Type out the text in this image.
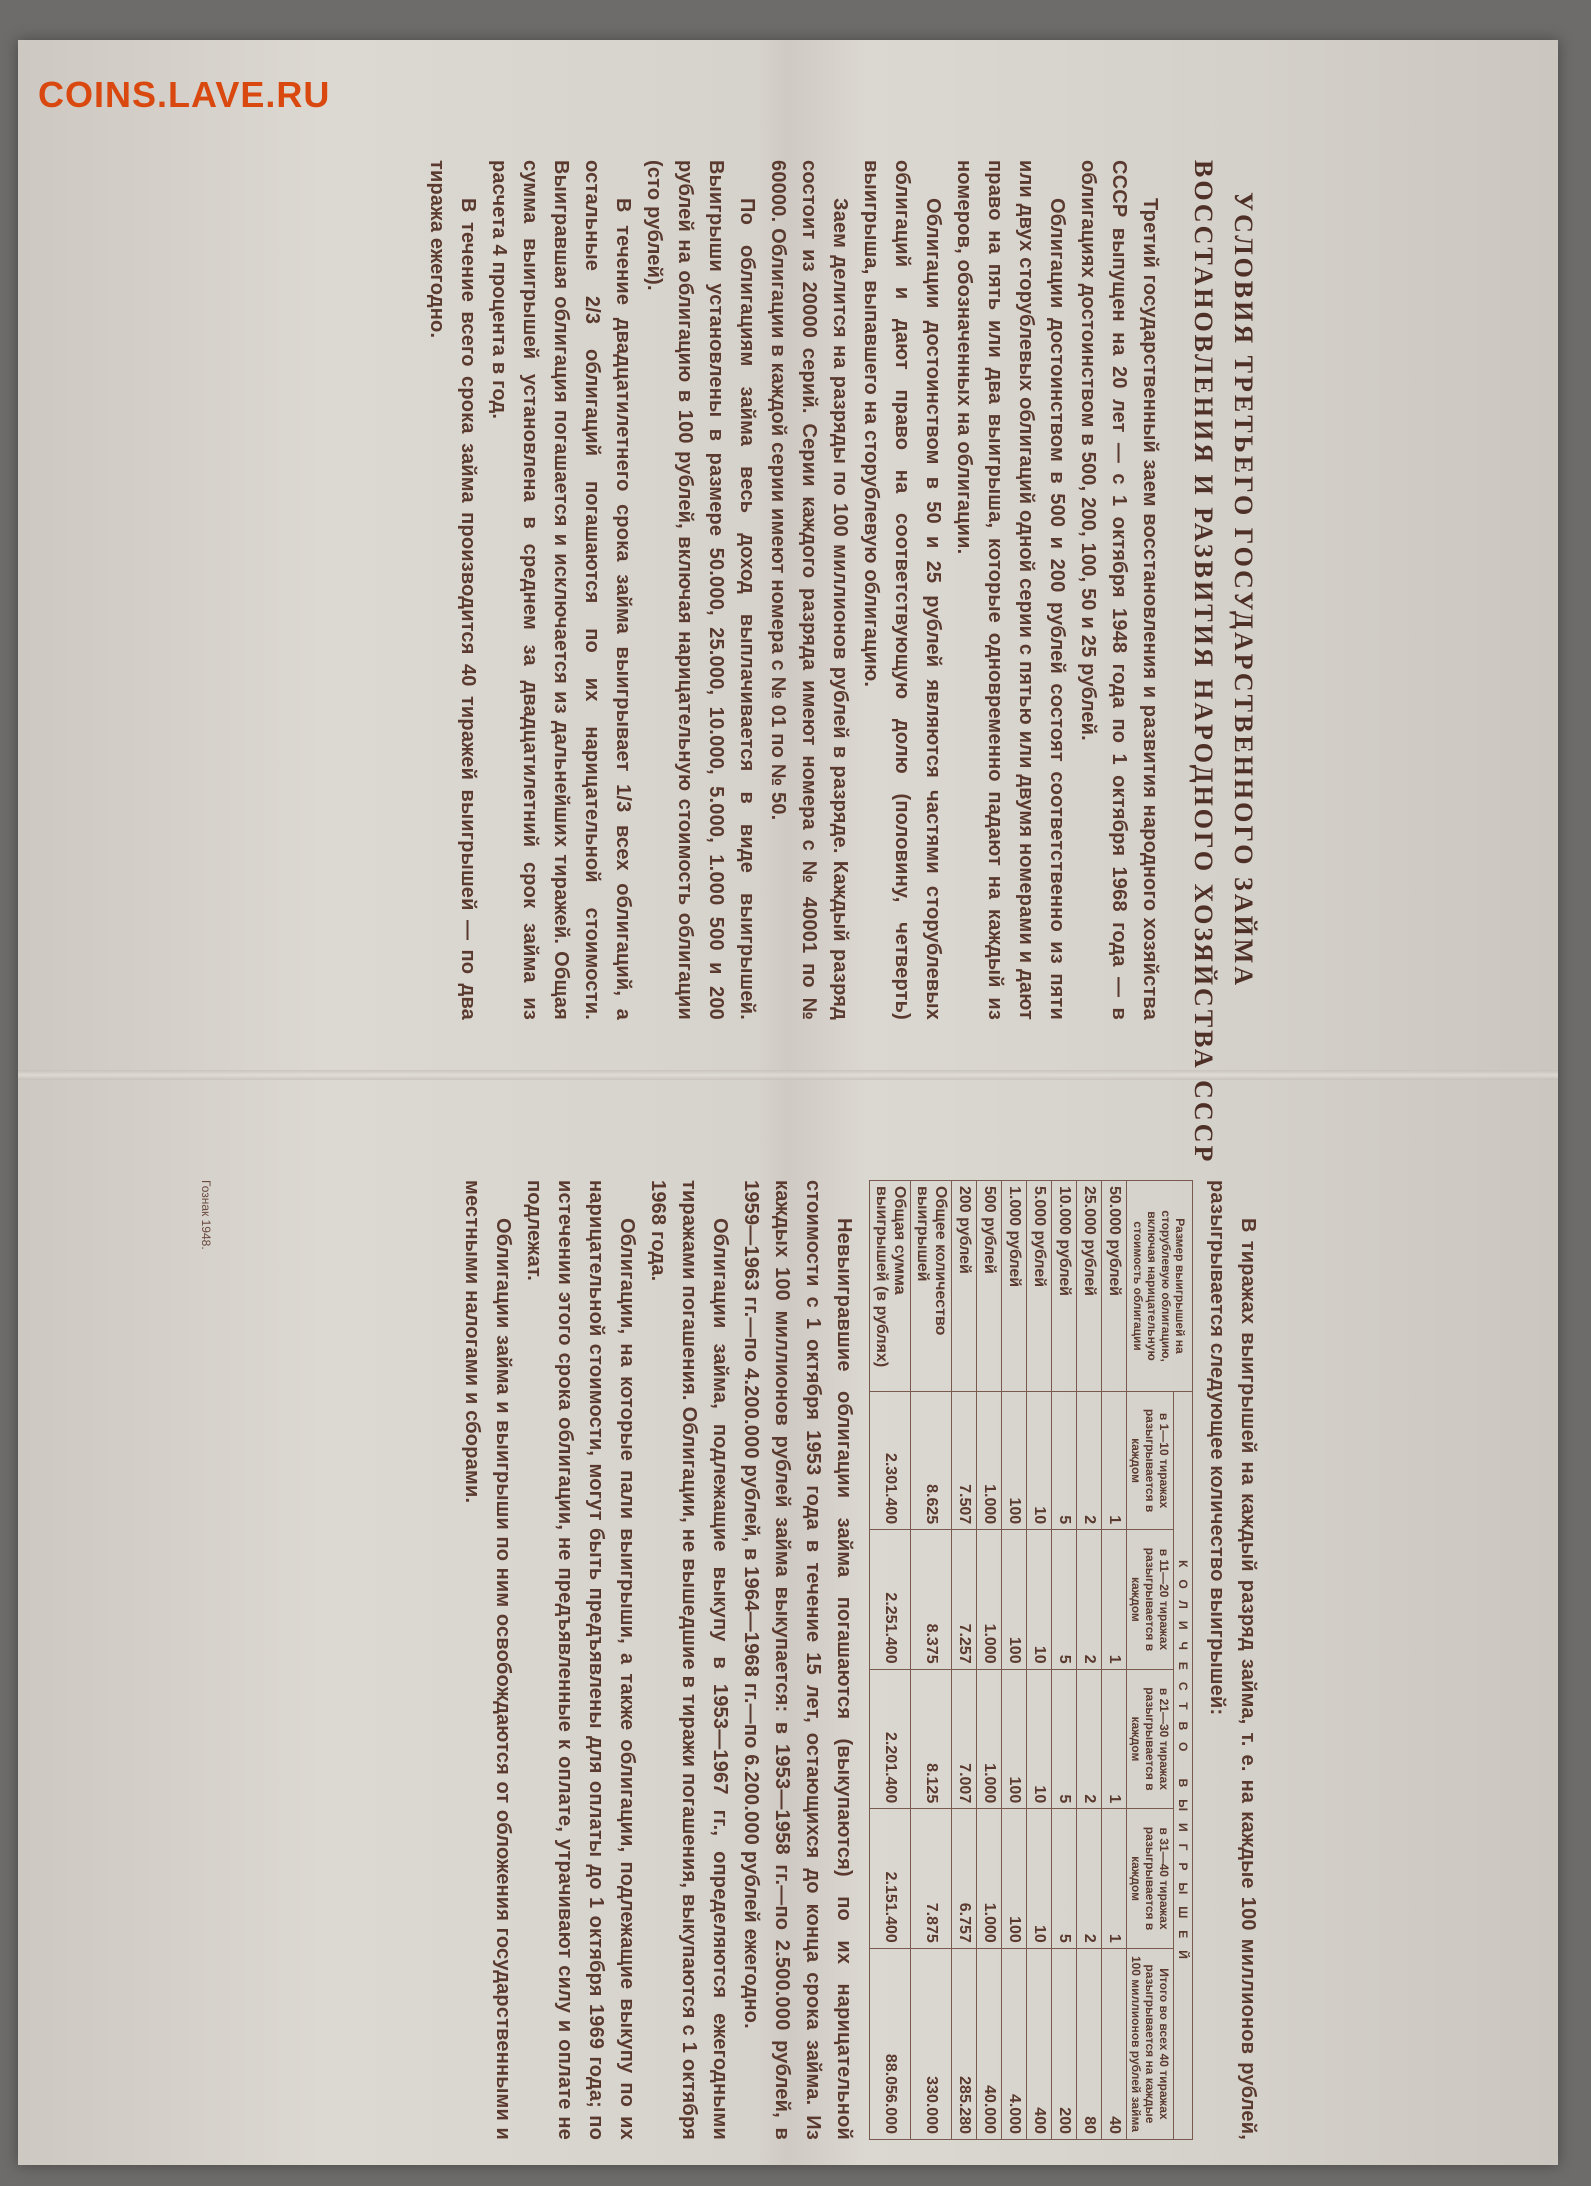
COINS.LAVE.RU
УСЛОВИЯ ТРЕТЬЕГО ГОСУДАРСТВЕННОГО ЗАЙМА
ВОССТАНОВЛЕНИЯ И РАЗВИТИЯ НАРОДНОГО ХОЗЯЙСТВА СССР

Третий государственный заем восстановления и развития народного хозяйства СССР выпущен на 20 лет — с 1 октября 1948 года по 1 октября 1968 года — в облигациях достоинством в 500, 200, 100, 50 и 25 рублей.

Облигации достоинством в 500 и 200 рублей состоят соответственно из пяти или двух сторублевых облигаций одной серии с пятью или двумя номерами и дают право на пять или два выигрыша, которые одновременно падают на каждый из номеров, обозначенных на облигации.

Облигации достоинством в 50 и 25 рублей являются частями сторублевых облигаций и дают право на соответствующую долю (половину, четверть) выигрыша, выпавшего на сторублевую облигацию.

Заем делится на разряды по 100 миллионов рублей в разряде. Каждый разряд состоит из 20000 серий. Серии каждого разряда имеют номера с № 40001 по № 60000. Облигации в каждой серии имеют номера с № 01 по № 50.

По облигациям займа весь доход выплачивается в виде выигрышей. Выигрыши установлены в размере 50.000, 25.000, 10.000, 5.000, 1.000 500 и 200 рублей на облигацию в 100 рублей, включая нарицательную стоимость облигации (сто рублей).

В течение двадцатилетнего срока займа выигрывает 1/3 всех облигаций, а остальные 2/3 облигаций погашаются по их нарицательной стоимости. Выигравшая облигация погашается и исключается из дальнейших тиражей. Общая сумма выигрышей установлена в среднем за двадцатилетний срок займа из расчета 4 процента в год.

В течение всего срока займа производится 40 тиражей выигрышей — по два тиража ежегодно.

В тиражах выигрышей на каждый разряд займа, т. е. на каждые 100 миллионов рублей, разыгрывается следующее количество выигрышей:

Размер выигрышей на сторублевую облигацию, включая нарицательную стоимость облигации	КОЛИЧЕСТВО ВЫИГРЫШЕЙ				
	в 1—10 тиражах разыгрывается в каждом	в 11—20 тиражах разыгрывается в каждом	в 21—30 тиражах разыгрывается в каждом	в 31—40 тиражах разыгрывается в каждом	Итого во всех 40 тиражах разыгрывается на каждые 100 миллионов рублей займа
50.000 рублей	1	1	1	1	40
25.000 рублей	2	2	2	2	80
10.000 рублей	5	5	5	5	200
5.000 рублей	10	10	10	10	400
1.000 рублей	100	100	100	100	4.000
500 рублей	1.000	1.000	1.000	1.000	40.000
200 рублей	7.507	7.257	7.007	6.757	285.280
Общее количество выигрышей	8.625	8.375	8.125	7.875	330.000
Общая сумма выигрышей (в рублях)	2.301.400	2.251.400	2.201.400	2.151.400	88.056.000

Невыигравшие облигации займа погашаются (выкупаются) по их нарицательной стоимости с 1 октября 1953 года в течение 15 лет, остающихся до конца срока займа. Из каждых 100 миллионов рублей займа выкупается: в 1953—1958 гг.—по 2.500.000 рублей, в 1959—1963 гг.—по 4.200.000 рублей, в 1964—1968 гг.—по 6.200.000 рублей ежегодно.

Облигации займа, подлежащие выкупу в 1953—1967 гг., определяются ежегодными тиражами погашения. Облигации, не вышедшие в тиражи погашения, выкупаются с 1 октября 1968 года.

Облигации, на которые пали выигрыши, а также облигации, подлежащие выкупу по их нарицательной стоимости, могут быть предъявлены для оплаты до 1 октября 1969 года; по истечении этого срока облигации, не предъявленные к оплате, утрачивают силу и оплате не подлежат.

Облигации займа и выигрыши по ним освобождаются от обложения государственными и местными налогами и сборами.

Гознак 1948.
